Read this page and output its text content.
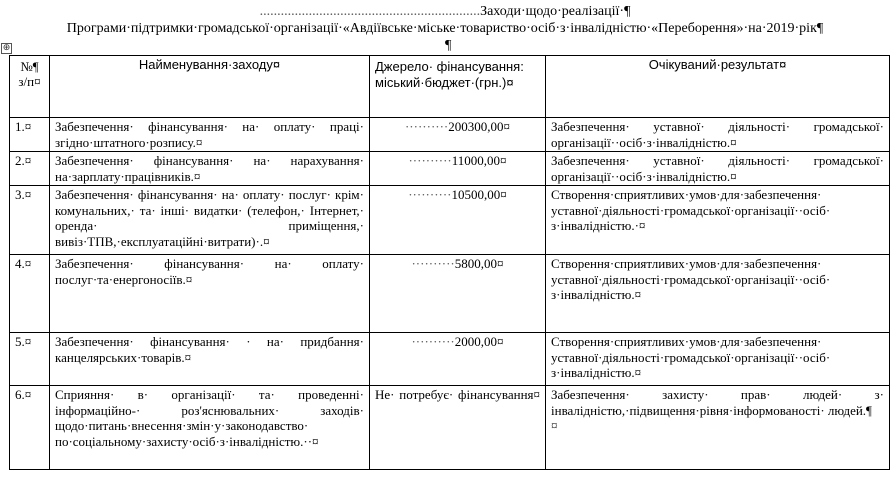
...............................................................Заходи·щодо·реалізації·¶
Програми·підтримки·громадської·організації·«Авдіївське·міське·товариство·осіб·з·інвалідністю·«Переборення»·на·2019·рік¶
¶
⊕
№¶ з/п¤	Найменування·заходу¤	Джерело· фінансування: міський·бюджет·(грн.)¤	Очікуваний·результат¤
1.¤	Забезпечення· фінансування· на· оплату· праці· згідно·штатного·розпису.¤	··········200300,00¤	Забезпечення· уставної· діяльності· громадської· організації··осіб·з·інвалідністю.¤
2.¤	Забезпечення· фінансування· на· нарахування· на·зарплату·працівників.¤	··········11000,00¤	Забезпечення· уставної· діяльності· громадської· організації··осіб·з·інвалідністю.¤
3.¤	Забезпечення· фінансування· на· оплату· послуг· крім· комунальних,· та· інші· видатки· (телефон,· Інтернет,· оренда· приміщення,· вивіз·ТПВ,·експлуатаційні·витрати)·.¤	··········10500,00¤	Створення·сприятливих·умов·для·забезпечення· уставної·діяльності·громадської·організації··осіб· з·інвалідністю.·¤
4.¤	Забезпечення· фінансування· на· оплату· послуг·та·енергоносіїв.¤	··········5800,00¤	Створення·сприятливих·умов·для·забезпечення· уставної·діяльності·громадської·організації··осіб· з·інвалідністю.¤
5.¤	Забезпечення· фінансування· · на· придбання· канцелярських·товарів.¤	··········2000,00¤	Створення·сприятливих·умов·для·забезпечення· уставної·діяльності·громадської·організації··осіб· з·інвалідністю.¤
6.¤	Сприяння· в· організації· та· проведенні· інформаційно-· роз'яснювальних· заходів· щодо·питань·внесення·змін·у·законодавство· по·соціальному·захисту·осіб·з·інвалідністю.··¤	Не· потребує· фінансування¤	Забезпечення· захисту· прав· людей· з· інвалідністю,·підвищення·рівня·інформованості· людей.¶
¤
